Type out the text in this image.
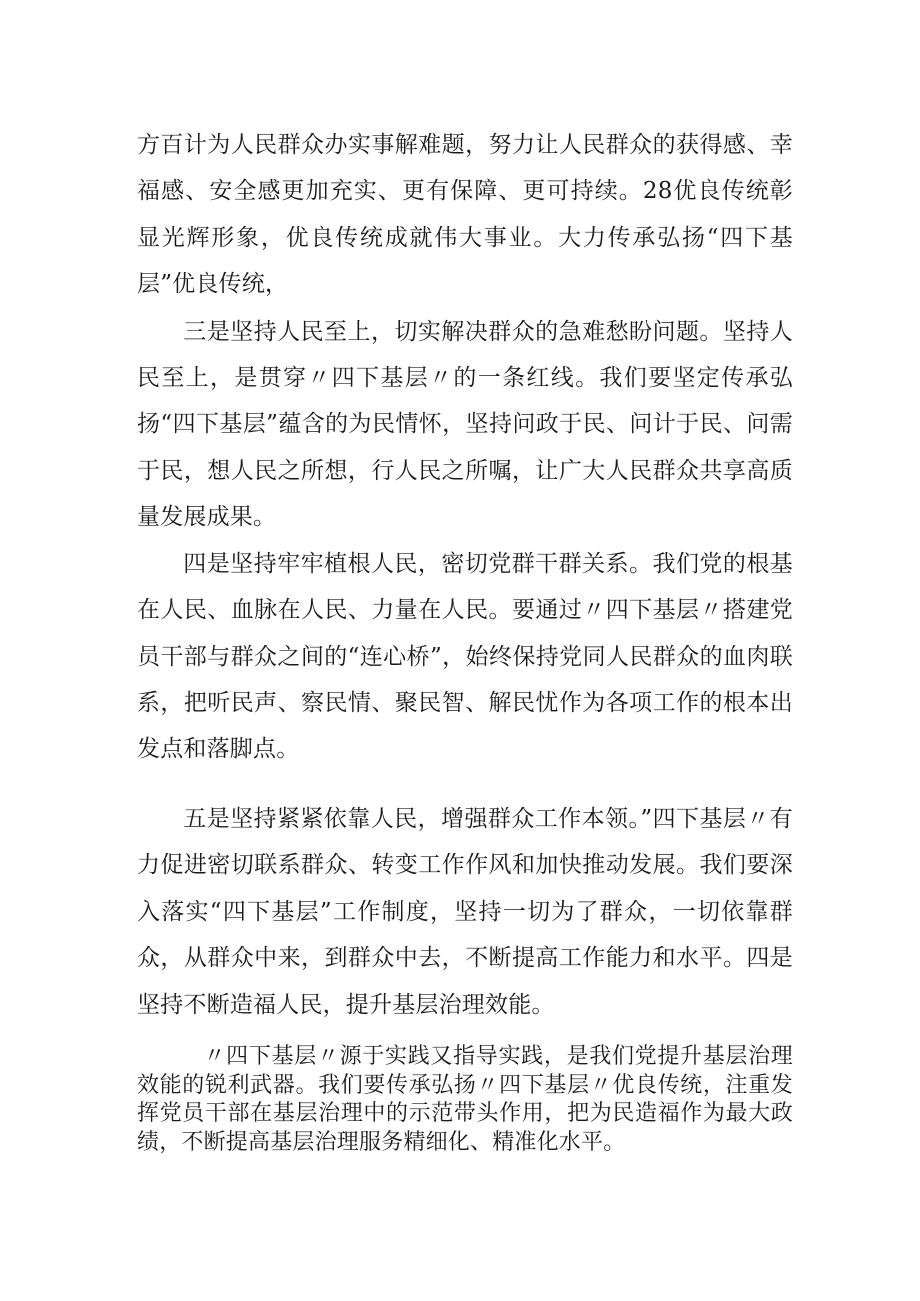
方百计为人民群众办实事解难题，努力让人民群众的获得感、幸福感、安全感更加充实、更有保障、更可持续。28优良传统彰显光辉形象，优良传统成就伟大事业。大力传承弘扬“四下基层”优良传统，

三是坚持人民至上，切实解决群众的急难愁盼问题。坚持人民至上，是贯穿〃四下基层〃的一条红线。我们要坚定传承弘扬“四下基层”蕴含的为民情怀，坚持问政于民、问计于民、问需于民，想人民之所想，行人民之所嘱，让广大人民群众共享高质量发展成果。

四是坚持牢牢植根人民，密切党群干群关系。我们党的根基在人民、血脉在人民、力量在人民。要通过〃四下基层〃搭建党员干部与群众之间的“连心桥”，始终保持党同人民群众的血肉联系，把听民声、察民情、聚民智、解民忧作为各项工作的根本出发点和落脚点。

五是坚持紧紧依靠人民，增强群众工作本领。”四下基层〃有力促进密切联系群众、转变工作作风和加快推动发展。我们要深入落实“四下基层”工作制度，坚持一切为了群众，一切依靠群众，从群众中来，到群众中去，不断提高工作能力和水平。四是坚持不断造福人民，提升基层治理效能。

〃四下基层〃源于实践又指导实践，是我们党提升基层治理效能的锐利武器。我们要传承弘扬〃四下基层〃优良传统，注重发挥党员干部在基层治理中的示范带头作用，把为民造福作为最大政绩，不断提高基层治理服务精细化、精准化水平。
